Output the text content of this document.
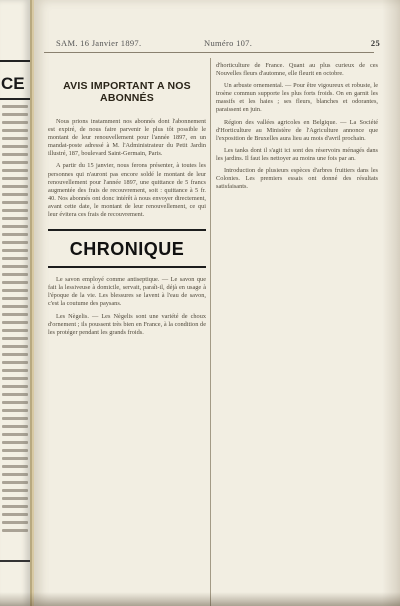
CE
SAM. 16 Janvier 1897.	Numéro 107.	25
AVIS IMPORTANT A NOS ABONNÉS

Nous prions instamment nos abonnés dont l'abonnement est expiré, de nous faire parvenir le plus tôt possible le montant de leur renouvellement pour l'année 1897, en un mandat-poste adressé à M. l'Administrateur du Petit Jardin illustré, 187, boulevard Saint-Germain, Paris.

A partir du 15 janvier, nous ferons présenter, à toutes les personnes qui n'auront pas encore soldé le montant de leur renouvellement pour l'année 1897, une quittance de 5 francs augmentée des frais de recouvrement, soit : quittance à 5 fr. 40. Nos abonnés ont donc intérêt à nous envoyer directement, avant cette date, le montant de leur renouvellement, ce qui leur évitera ces frais de recouvrement.

CHRONIQUE

Le savon employé comme antiseptique. — Le savon que fait la lessiveuse à domicile, servait, paraît-il, déjà en usage à l'époque de la vie. Les blessures se lavent à l'eau de savon, c'est la coutume des paysans.

Les Nègelis. — Les Nègelis sont une variété de choux d'ornement ; ils poussent très bien en France, à la condition de les protéger pendant les grands froids.

d'horticulture de France. Quant au plus curieux de ces Nouvelles fleurs d'automne, elle fleurit en octobre.

Un arbuste ornemental. — Pour être vigoureux et robuste, le troène commun supporte les plus forts froids. On en garnit les massifs et les haies ; ses fleurs, blanches et odorantes, paraissent en juin.

Région des vallées agricoles en Belgique. — La Société d'Horticulture au Ministère de l'Agriculture annonce que l'exposition de Bruxelles aura lieu au mois d'avril prochain.

Les tanks dont il s'agit ici sont des réservoirs ménagés dans les jardins. Il faut les nettoyer au moins une fois par an.

Introduction de plusieurs espèces d'arbres fruitiers dans les Colonies. Les premiers essais ont donné des résultats satisfaisants.
